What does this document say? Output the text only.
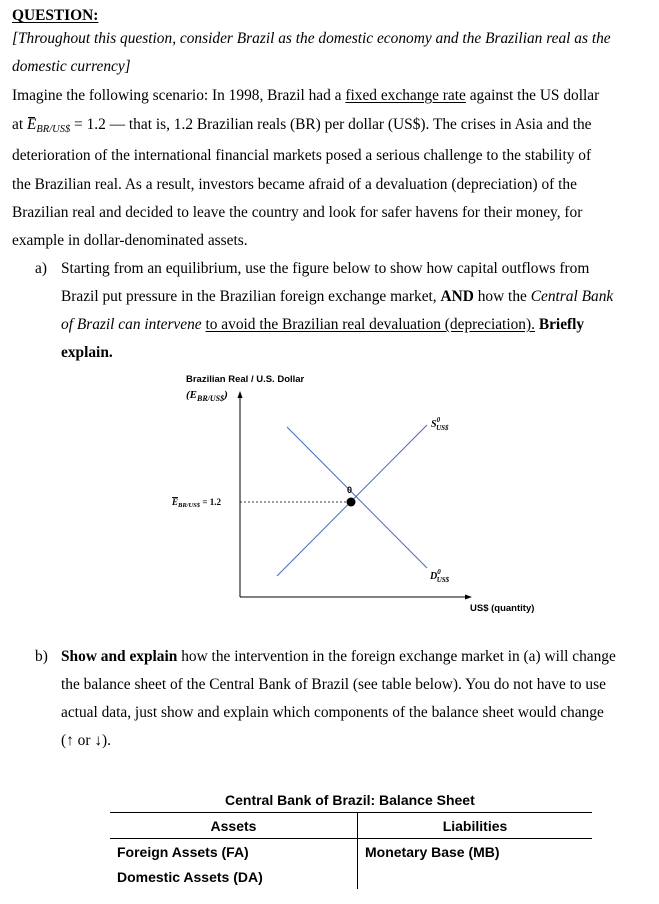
QUESTION:
[Throughout this question, consider Brazil as the domestic economy and the Brazilian real as the
domestic currency]
Imagine the following scenario: In 1998, Brazil had a fixed exchange rate against the US dollar
at $E_{BR/US\$} = 1.2$ — that is, 1.2 Brazilian reals (BR) per dollar (US$). The crises in Asia and the
deterioration of the international financial markets posed a serious challenge to the stability of
the Brazilian real. As a result, investors became afraid of a devaluation (depreciation) of the
Brazilian real and decided to leave the country and look for safer havens for their money, for
example in dollar-denominated assets.
a) Starting from an equilibrium, use the figure below to show how capital outflows from
Brazil put pressure in the Brazilian foreign exchange market, AND how the Central Bank
of Brazil can intervene to avoid the Brazilian real devaluation (depreciation). Briefly
explain.
Brazilian Real / U.S. Dollar
$(E_{BR/US\$})$
$E_{BR/US\$} = 1.2$
0
$S^0$ US$
$D^0$ US$
US$ (quantity)
b) Show and explain how the intervention in the foreign exchange market in (a) will change
the balance sheet of the Central Bank of Brazil (see table below). You do not have to use
actual data, just show and explain which components of the balance sheet would change
(↑ or ↓).
Central Bank of Brazil: Balance Sheet
Assets	Liabilities
Foreign Assets (FA)	Monetary Base (MB)
Domestic Assets (DA)	
